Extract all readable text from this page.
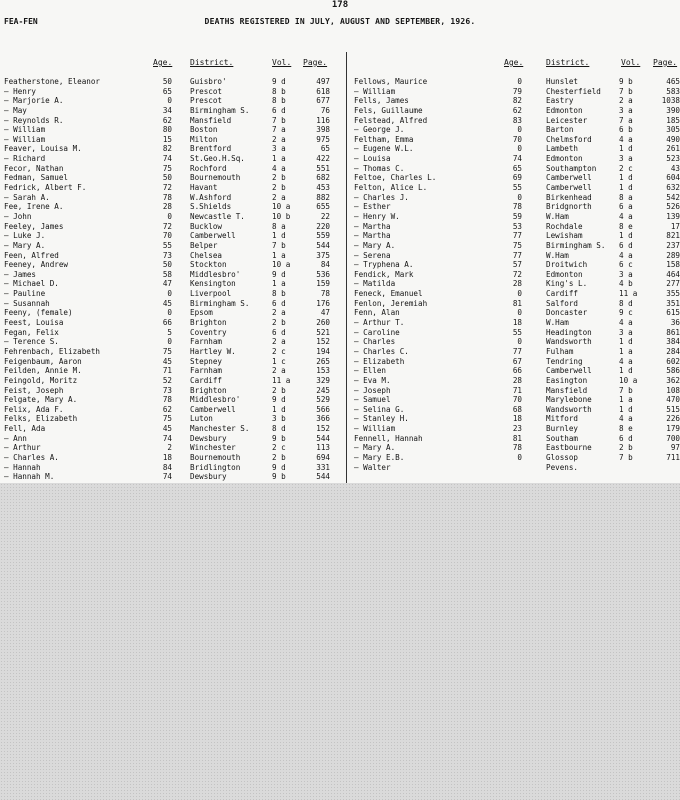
178
FEA-FEN	DEATHS REGISTERED IN JULY, AUGUST AND SEPTEMBER, 1926.
Age. District.	Vol. Page.
Featherstone, Eleanor	50 Guisbro'	9 d	497
— Henry	65 Prescot	8 b	618
— Marjorie A.	0 Prescot	8 b	677
— May	34 Birmingham S.	6 d	76
— Reynolds R.	62 Mansfield	7 b	116
— William	80 Boston	7 a	398
— William	15 Milton	2 a	975
Feaver, Louisa M.	82 Brentford	3 a	65
— Richard	74 St.Geo.H.Sq.	1 a	422
Fecor, Nathan	75 Rochford	4 a	551
Fedman, Samuel	50 Bournemouth	2 b	682
Fedrick, Albert F.	72 Havant	2 b	453
— Sarah A.	78 W.Ashford	2 a	882
Fee, Irene A.	28 S.Shields	10 a	655
— John	0 Newcastle T.	10 b	22
Feeley, James	72 Bucklow	8 a	220
— Luke J.	70 Camberwell	1 d	559
— Mary A.	55 Belper	7 b	544
Feen, Alfred	73 Chelsea	1 a	375
Feeney, Andrew	50 Stockton	10 a	84
— James	58 Middlesbro'	9 d	536
— Michael D.	47 Kensington	1 a	159
— Pauline	0 Liverpool	8 b	78
— Susannah	45 Birmingham S.	6 d	176
Feeny, (female)	0 Epsom	2 a	47
Feest, Louisa	66 Brighton	2 b	260
Fegan, Felix	5 Coventry	6 d	521
— Terence S.	0 Farnham	2 a	152
Fehrenbach, Elizabeth	75 Hartley W.	2 c	194
Feigenbaum, Aaron	45 Stepney	1 c	265
Feilden, Annie M.	71 Farnham	2 a	153
Feingold, Moritz	52 Cardiff	11 a	329
Feist, Joseph	73 Brighton	2 b	245
Felgate, Mary A.	78 Middlesbro'	9 d	529
Felix, Ada F.	62 Camberwell	1 d	566
Felks, Elizabeth	75 Luton	3 b	366
Fell, Ada	45 Manchester S.	8 d	152
— Ann	74 Dewsbury	9 b	544
— Arthur	2 Winchester	2 c	113
— Charles A.	18 Bournemouth	2 b	694
— Hannah	84 Bridlington	9 d	331
— Hannah M.	74 Dewsbury	9 b	544
Age.	District.	Vol. Page.
Fellows, Maurice	0	Hunslet	9 b	465
— William	79	Chesterfield	7 b	583
Fells, James	82	Eastry	2 a	1038
Fels, Guillaume	62	Edmonton	3 a	390
Felstead, Alfred	83	Leicester	7 a	185
— George J.	0	Barton	6 b	305
Feltham, Emma	70	Chelmsford	4 a	490
— Eugene W.L.	0	Lambeth	1 d	261
— Louisa	74	Edmonton	3 a	523
— Thomas C.	65	Southampton	2 c	43
Feltoe, Charles L.	69	Camberwell	1 d	604
Felton, Alice L.	55	Camberwell	1 d	632
— Charles J.	0	Birkenhead	8 a	542
— Esther	78	Bridgnorth	6 a	526
— Henry W.	59	W.Ham	4 a	139
— Martha	53	Rochdale	8 e	17
— Martha	77	Lewisham	1 d	821
— Mary A.	75	Birmingham S.	6 d	237
— Serena	77	W.Ham	4 a	289
— Tryphena A.	57	Droitwich	6 c	158
Fendick, Mark	72	Edmonton	3 a	464
— Matilda	28	King's L.	4 b	277
Feneck, Emanuel	0	Cardiff	11 a	355
Fenlon, Jeremiah	81	Salford	8 d	351
Fenn, Alan	0	Doncaster	9 c	615
— Arthur T.	18	W.Ham	4 a	36
— Caroline	55	Headington	3 a	861
— Charles	0	Wandsworth	1 d	384
— Charles C.	77	Fulham	1 a	284
— Elizabeth	67	Tendring	4 a	602
— Ellen	66	Camberwell	1 d	586
— Eva M.	28	Easington	10 a	362
— Joseph	71	Mansfield	7 b	108
— Samuel	70	Marylebone	1 a	470
— Selina G.	68	Wandsworth	1 d	515
— Stanley H.	18	Mitford	4 a	226
— William	23	Burnley	8 e	179
Fennell, Hannah	81	Southam	6 d	700
— Mary A.	78	Eastbourne	2 b	97
— Mary E.B.	0	Glossop	7 b	711
— Walter	Pevens.
